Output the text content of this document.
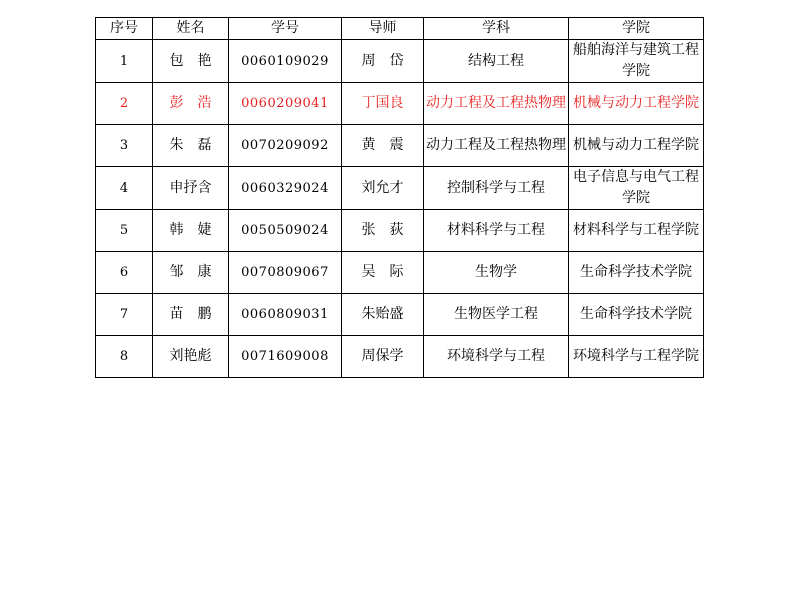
序号	姓名	学号	导师	学科	学院
1	包　艳	0060109029	周　岱	结构工程	船舶海洋与建筑工程学院

2	彭　浩	0060209041	丁国良	动力工程及工程热物理	机械与动力工程学院

3	朱　磊	0070209092	黄　震	动力工程及工程热物理	机械与动力工程学院

4	申抒含	0060329024	刘允才	控制科学与工程	电子信息与电气工程学院

5	韩　婕	0050509024	张　荻	材料科学与工程	材料科学与工程学院

6	邹　康	0070809067	吴　际	生物学	生命科学技术学院

7	苗　鹏	0060809031	朱贻盛	生物医学工程	生命科学技术学院

8	刘艳彪	0071609008	周保学	环境科学与工程	环境科学与工程学院
